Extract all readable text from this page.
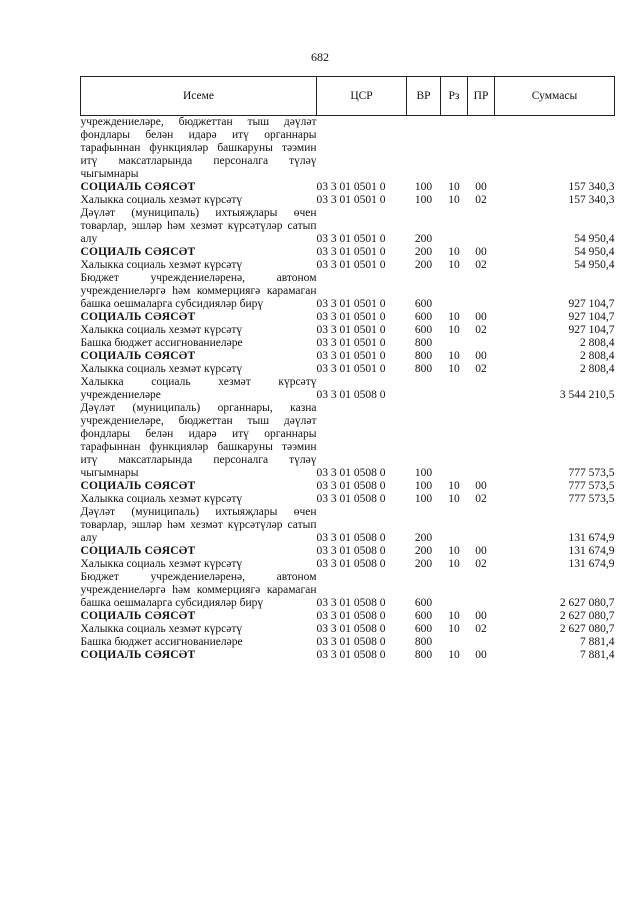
682
Исеме	ЦСР	ВР	Рз	ПР	Суммасы
учреждениеләре, бюджеттан тыш дәүләт фондлары белән идарә итү органнары тарафыннан функцияләр башкаруны тәэмин итү максатларында персоналга түләү чыгымнары					
СОЦИАЛЬ СӘЯСӘТ	03 3 01 0501 0	100	10	00	157 340,3
Халыкка социаль хезмәт күрсәтү	03 3 01 0501 0	100	10	02	157 340,3
Дәүләт (муниципаль) ихтыяҗлары өчен товарлар, эшләр һәм хезмәт күрсәтүләр сатып алу	03 3 01 0501 0	200			54 950,4
СОЦИАЛЬ СӘЯСӘТ	03 3 01 0501 0	200	10	00	54 950,4
Халыкка социаль хезмәт күрсәтү	03 3 01 0501 0	200	10	02	54 950,4
Бюджет учреждениеләренә, автоном учреждениеләргә һәм коммерциягә карамаган башка оешмаларга субсидияләр бирү	03 3 01 0501 0	600			927 104,7
СОЦИАЛЬ СӘЯСӘТ	03 3 01 0501 0	600	10	00	927 104,7
Халыкка социаль хезмәт күрсәтү	03 3 01 0501 0	600	10	02	927 104,7
Башка бюджет ассигнованиеләре	03 3 01 0501 0	800			2 808,4
СОЦИАЛЬ СӘЯСӘТ	03 3 01 0501 0	800	10	00	2 808,4
Халыкка социаль хезмәт күрсәтү	03 3 01 0501 0	800	10	02	2 808,4
Халыкка социаль хезмәт күрсәтү учреждениеләре	03 3 01 0508 0				3 544 210,5
Дәүләт (муниципаль) органнары, казна учреждениеләре, бюджеттан тыш дәүләт фондлары белән идарә итү органнары тарафыннан функцияләр башкаруны тәэмин итү максатларында персоналга түләү чыгымнары	03 3 01 0508 0	100			777 573,5
СОЦИАЛЬ СӘЯСӘТ	03 3 01 0508 0	100	10	00	777 573,5
Халыкка социаль хезмәт күрсәтү	03 3 01 0508 0	100	10	02	777 573,5
Дәүләт (муниципаль) ихтыяҗлары өчен товарлар, эшләр һәм хезмәт күрсәтүләр сатып алу	03 3 01 0508 0	200			131 674,9
СОЦИАЛЬ СӘЯСӘТ	03 3 01 0508 0	200	10	00	131 674,9
Халыкка социаль хезмәт күрсәтү	03 3 01 0508 0	200	10	02	131 674,9
Бюджет учреждениеләренә, автоном учреждениеләргә һәм коммерциягә карамаган башка оешмаларга субсидияләр бирү	03 3 01 0508 0	600			2 627 080,7
СОЦИАЛЬ СӘЯСӘТ	03 3 01 0508 0	600	10	00	2 627 080,7
Халыкка социаль хезмәт күрсәтү	03 3 01 0508 0	600	10	02	2 627 080,7
Башка бюджет ассигнованиеләре	03 3 01 0508 0	800			7 881,4
СОЦИАЛЬ СӘЯСӘТ	03 3 01 0508 0	800	10	00	7 881,4
